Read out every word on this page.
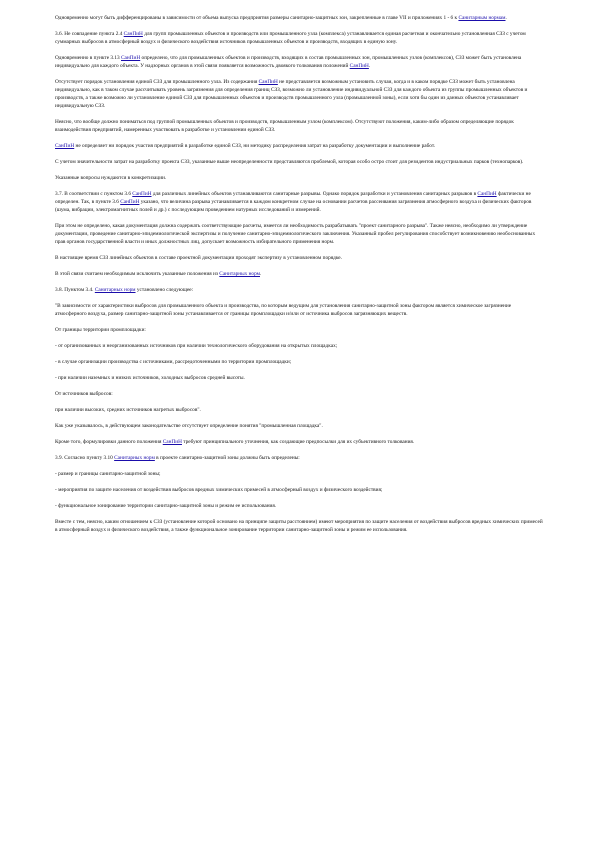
Одновременно могут быть дифференцированы в зависимости от объема выпуска предприятия размеры санитарно-защитных зон, закрепленные в главе VII и приложениях 1 - 6 к Санитарным нормам.

3.6. Не совпадение пункта 2.4 СанПиН для групп промышленных объектов и производств или промышленного узла (комплекса) устанавливается единая расчетная и окончательно установленная СЗЗ с учетом суммарных выбросов в атмосферный воздух и физического воздействия источников промышленных объектов и производств, входящих в единую зону.

Одновременно в пункте 3.13 СанПиН определено, что для промышленных объектов и производств, входящих в состав промышленных зон, промышленных узлов (комплексов), СЗЗ может быть установлена индивидуально для каждого объекта. У надзорных органов в этой связи появляется возможность двоякого толкования положений СанПиН.

Отсутствует порядок установления единой СЗЗ для промышленного узла. Из содержания СанПиН не представляется возможным установить случаи, когда и в каком порядке СЗЗ может быть установлена индивидуально, как в таком случае рассчитывать уровень загрязнения для определения границ СЗЗ, возможно ли установление индивидуальной СЗЗ для каждого объекта из группы промышленных объектов и производств, а также возможно ли установление единой СЗЗ для промышленных объектов и производств промышленного узла (промышленной зоны), если хотя бы один из данных объектов устанавливает индивидуальную СЗЗ.

Неясно, что вообще должно пониматься под группой промышленных объектов и производств, промышленным узлом (комплексом). Отсутствуют положения, каким-либо образом определяющие порядок взаимодействия предприятий, намеренных участвовать в разработке и установлении единой СЗЗ.

СанПиН не определяет ни порядок участия предприятий в разработке единой СЗЗ, ни методику распределения затрат на разработку документации и выполнение работ.

С учетом значительности затрат на разработку проекта СЗЗ, указанные выше неопределенности представляются проблемой, которая особо остро стоит для резидентов индустриальных парков (технопарков).

Указанные вопросы нуждаются в конкретизации.

3.7. В соответствии с пунктом 3.6 СанПиН для различных линейных объектов устанавливаются санитарные разрывы. Однако порядок разработки и установления санитарных разрывов в СанПиН фактически не определен. Так, в пункте 3.6 СанПиН указано, что величина разрыва устанавливается в каждом конкретном случае на основании расчетов рассеивания загрязнения атмосферного воздуха и физических факторов (шума, вибрации, электромагнитных полей и др.) с последующим проведением натурных исследований и измерений.

При этом не определено, какая документация должна содержать соответствующие расчеты, имеется ли необходимость разрабатывать "проект санитарного разрыва". Также неясно, необходимо ли утверждение документации, проведение санитарно-эпидемиологической экспертизы и получение санитарно-эпидемиологического заключения. Указанный пробел регулирования способствует возникновению необоснованных прав органов государственной власти и иных должностных лиц, допускает возможность избирательного применения норм.

В настоящее время СЗЗ линейных объектов в составе проектной документации проходят экспертизу в установленном порядке.

В этой связи считаем необходимым исключить указанные положения из Санитарных норм.

3.8. Пунктом 3.4. Санитарных норм установлено следующее:

"В зависимости от характеристики выбросов для промышленного объекта и производства, по которым ведущим для установления санитарно-защитной зоны фактором является химическое загрязнение атмосферного воздуха, размер санитарно-защитной зоны устанавливается от границы промплощадки и/или от источника выбросов загрязняющих веществ.

От границы территории промплощадки:

- от организованных и неорганизованных источников при наличии технологического оборудования на открытых площадках;

- в случае организации производства с источниками, рассредоточенными по территории промплощадки;

- при наличии наземных и низких источников, холодных выбросов средней высоты.

От источников выбросов:

при наличии высоких, средних источников нагретых выбросов".

Как уже указывалось, в действующем законодательстве отсутствует определение понятия "промышленная площадка".

Кроме того, формулировки данного положения СанПиН требуют принципиального уточнения, как создающие предпосылки для их субъективного толкования.

3.9. Согласно пункту 3.10 Санитарных норм в проекте санитарно-защитной зоны должны быть определены:

- размер и границы санитарно-защитной зоны;

- мероприятия по защите населения от воздействия выбросов вредных химических примесей в атмосферный воздух и физического воздействия;

- функциональное зонирование территории санитарно-защитной зоны и режим ее использования.

Вместе с тем, неясно, каким отношением к СЗЗ (установление которой основано на принципе защиты расстоянием) имеют мероприятия по защите населения от воздействия выбросов вредных химических примесей в атмосферный воздух и физического воздействия, а также функциональное зонирование территории санитарно-защитной зоны и режим ее использования.
